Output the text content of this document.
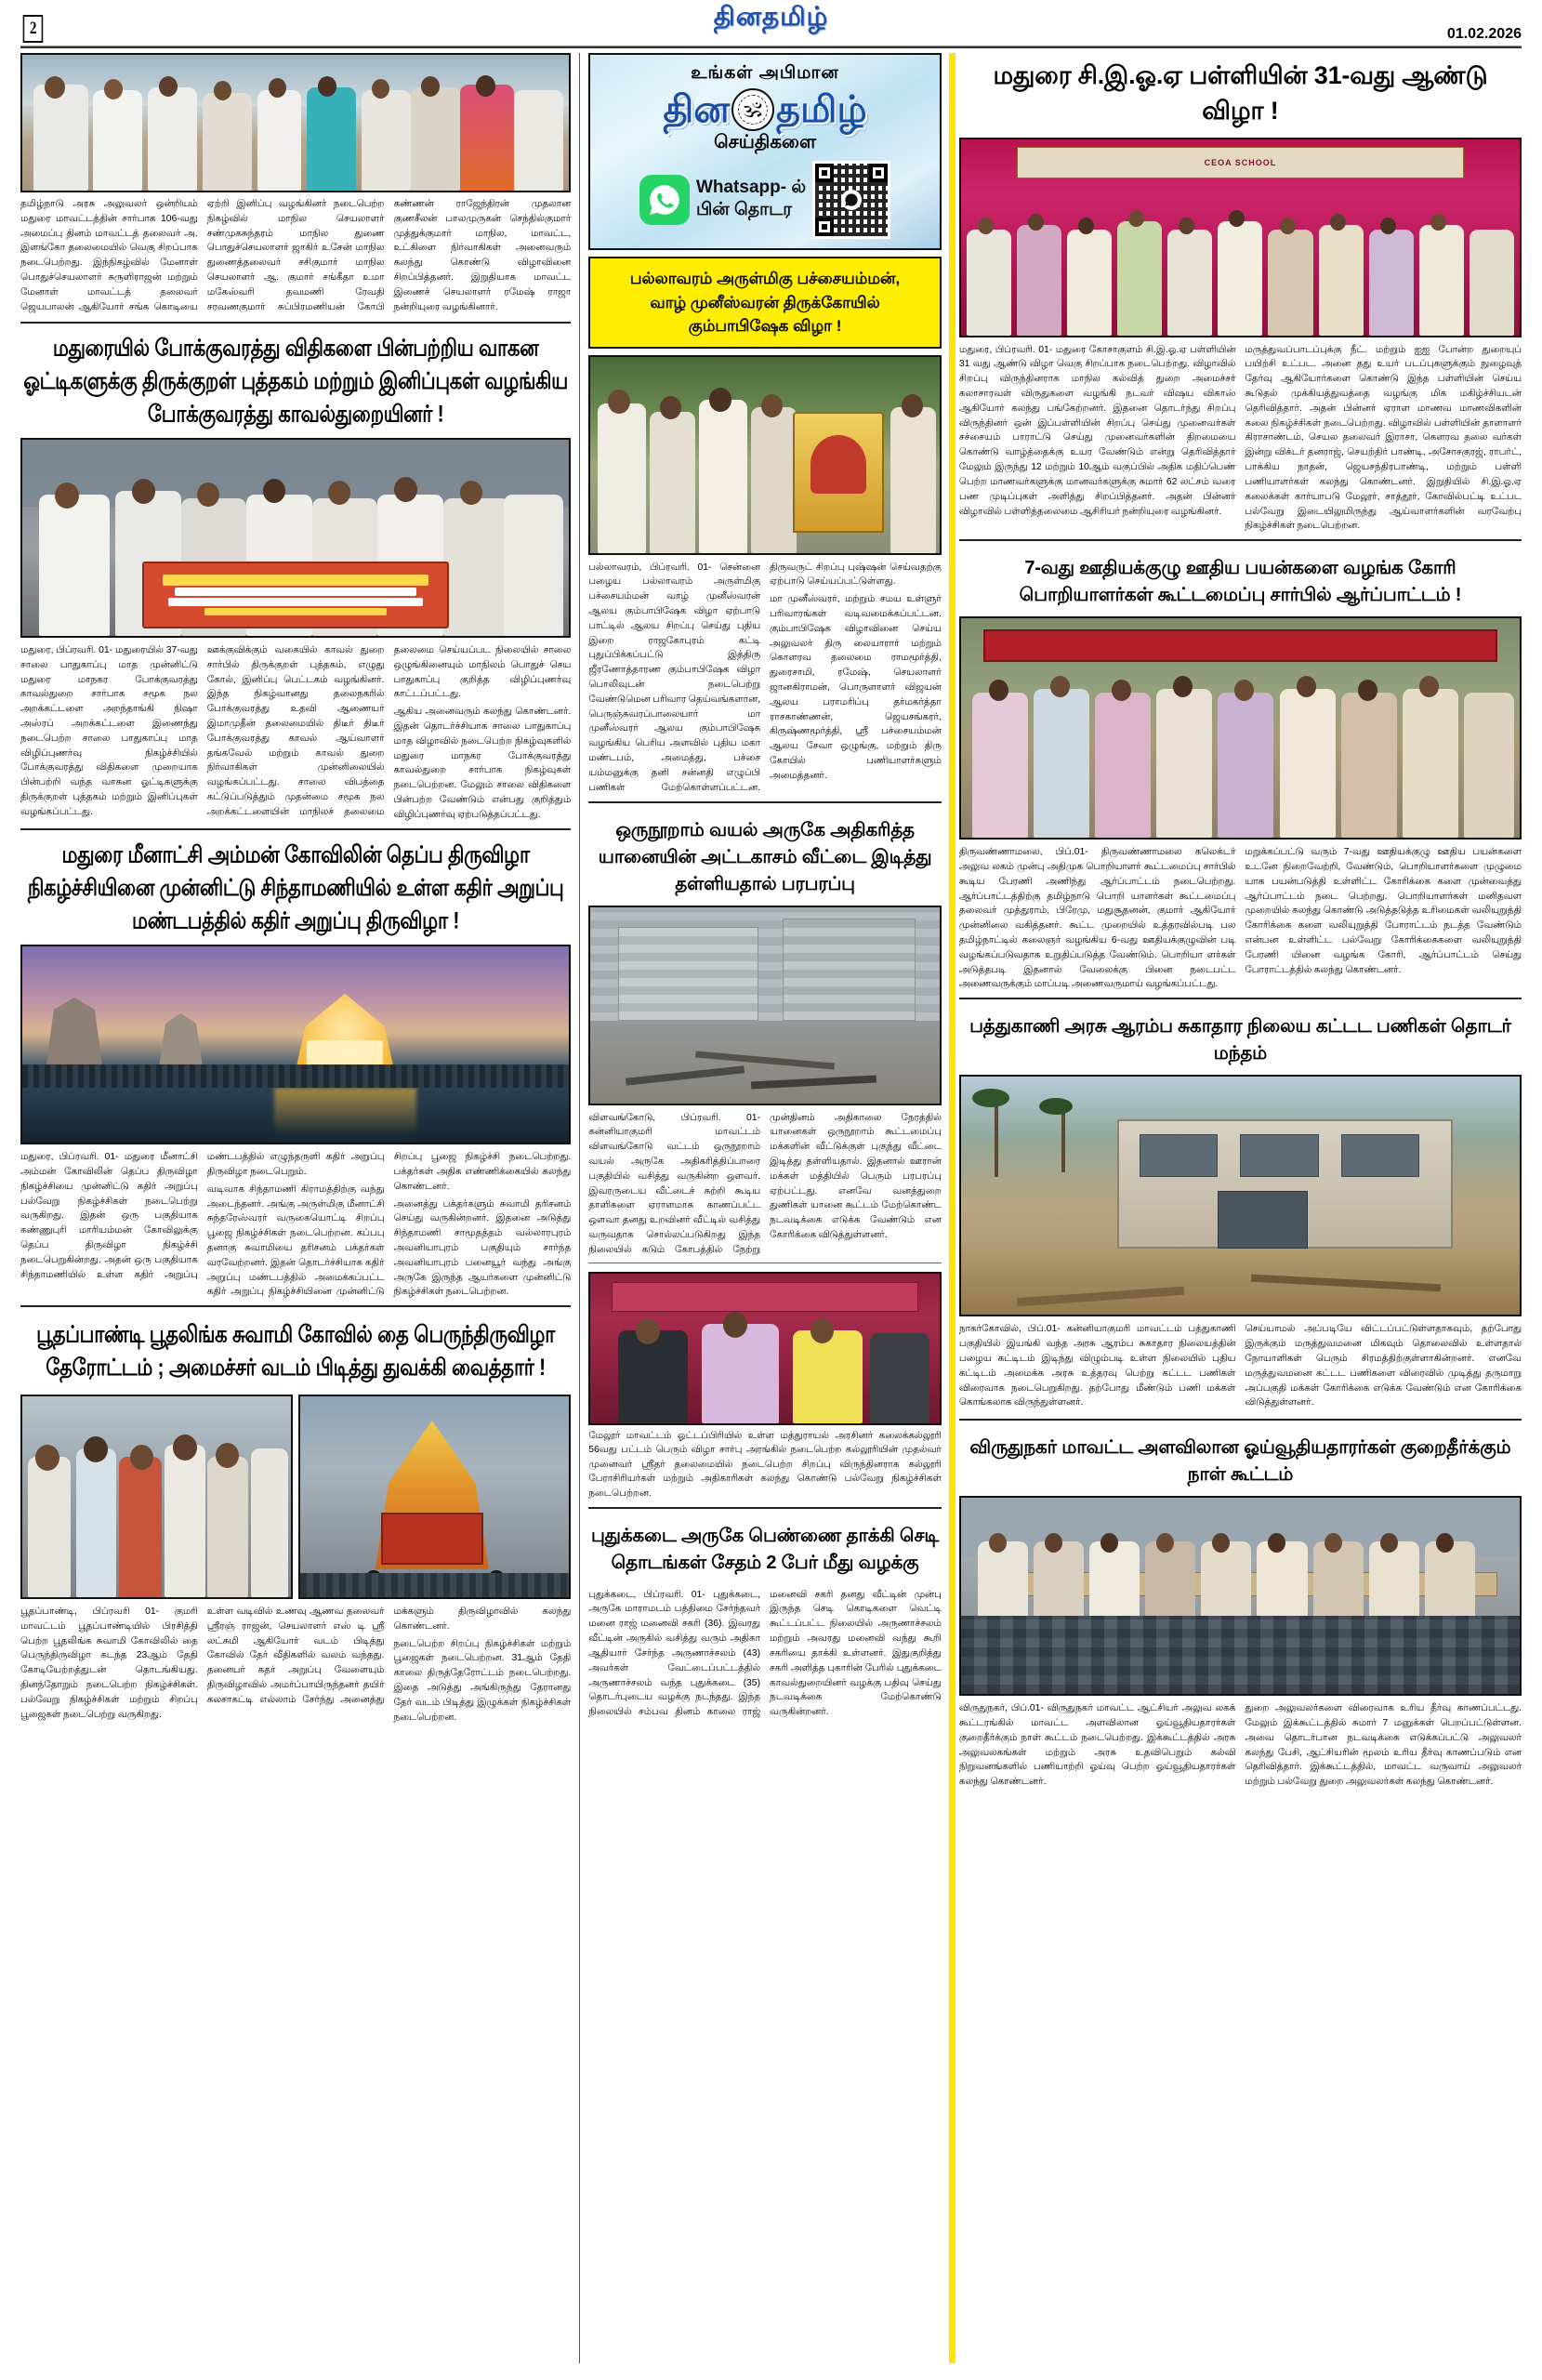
2	தினதமிழ்
01.02.2026

தமிழ்நாடு அரசு அலுவலர் ஒன்றியம் மதுரை மாவட்டத்தின் சார்பாக 106-வது அமைப்பு தினம் மாவட்டத் தலைவர் அ. இளங்கோ தலைமையில் வெகு சிறப்பாக நடைபெற்றது. இந்நிகழ்வில் மேனாள் பொதுச்செயலாளர் சுருளிராஜன் மற்றும் மேனாள் மாவட்டத் தலைவர் ஜெயபாலன் ஆகியோர் சங்க கொடியை ஏற்றி இனிப்பு வழங்கினர் நடைபெற்ற நிகழ்வில் மாநில செயலாளர் சண்முகசுந்தரம் மாநில துணை பொதுச்செயலாளர் ஜாகிர் உசேன் மாநில துணைத்தலைவர் சசிகுமார் மாநில செயலாளர் ஆ. குமார் சங்கீதா உமா மகேஸ்வரி தவமணி ரேவதி சரவணகுமார் சுப்பிரமணியன் கோபி கண்ணன் ராஜேந்திரன் முதலான குணசீலன் பாலமுருகன் செந்தில்குமார் முத்துக்குமார் மாநில, மாவட்ட, உட்கிளை நிர்வாகிகள் அனைவரும் கலந்து கொண்டு விழாவினை சிறப்பித்தனர். இறுதியாக மாவட்ட இணைச் செயலாளர் ரமேஷ் ராஜா நன்றியுரை வழங்கினார்.

மதுரையில் போக்குவரத்து விதிகளை பின்பற்றிய வாகன ஓட்டிகளுக்கு திருக்குறள் புத்தகம் மற்றும் இனிப்புகள் வழங்கிய போக்குவரத்து காவல்துறையினர் !

மதுரை, பிப்ரவரி. 01- மதுரையில் 37-வது சாலை பாதுகாப்பு மாத முன்னிட்டு மதுரை மாநகர போக்குவரத்து காவல்துறை சார்பாக சமூக நல அறக்கட்டளை அறந்தாங்கி நிஷா அஸ்ரப் அறக்கட்டளை இணைந்து நடைபெற்ற சாலை பாதுகாப்பு மாத விழிப்புணர்வு நிகழ்ச்சியில் போக்குவரத்து விதிகளை முறையாக பின்பற்றி வந்த வாகன ஓட்டிகளுக்கு திருக்குறள் புத்தகம் மற்றும் இனிப்புகள் வழங்கப்பட்டது.

ஊக்குவிக்கும் வகையில் காவல் துறை சார்பில் திருக்குறள் புத்தகம், எழுது கோல், இனிப்பு பெட்டகம் வழங்கினர். இந்த நிகழ்வானது தலைநகரில் போக்குவரத்து உதவி ஆணையர் இமாமுதீன் தலைமையில் திடீர் திடீர் போக்குவரத்து காவல் ஆய்வாளர் தங்கவேல் மற்றும் காவல் துறை நிர்வாகிகள் முன்னிலையில் வழங்கப்பட்டது. சாலை விபத்தை கட்டுப்படுத்தும் முதன்மை சமூக நல அறக்கட்டளையின் மாநிலச் தலைமை தலைமை செய்யப்பட நிலையில் சாலை ஒழுங்கினையும் மாநிலம் பொதுச் செய பாதுகாப்பு குறித்த விழிப்புணர்வு காட்டப்பட்டது.

ஆகிய அனைவரும் கலந்து கொண்டனர். இதன் தொடர்ச்சியாக சாலை பாதுகாப்பு மாத விழாவில் நடைபெற்ற நிகழ்வுகளில் மதுரை மாநகர போக்குவரத்து காவல்துறை சார்பாக நிகழ்வுகள் நடைபெற்றன. மேலும் சாலை விதிகளை பின்பற்ற வேண்டும் என்பது குறித்தும் விழிப்புணர்வு ஏற்படுத்தப்பட்டது.

மதுரை மீனாட்சி அம்மன் கோவிலின் தெப்ப திருவிழா நிகழ்ச்சியினை முன்னிட்டு சிந்தாமணியில் உள்ள கதிர் அறுப்பு மண்டபத்தில் கதிர் அறுப்பு திருவிழா !

மதுரை, பிப்ரவரி. 01- மதுரை மீனாட்சி அம்மன் கோவிலின் தெப்ப திருவிழா நிகழ்ச்சியை முன்னிட்டு கதிர் அறுப்பு பல்வேறு நிகழ்ச்சிகள் நடைபெற்று வருகிறது. இதன் ஒரு பகுதியாக கண்ணுபுரி மாரியம்மன் கோவிலுக்கு தெப்ப திருவிழா நிகழ்ச்சி நடைபெறுகின்றது. அதன் ஒரு பகுதியாக சிந்தாமணியில் உள்ள கதிர் அறுப்பு மண்டபத்தில் எழுந்தருளி கதிர் அறுப்பு திருவிழா நடைபெறும்.

வடிவாக சிந்தாமணி கிராமத்திற்கு வந்து அடைந்தனர். அங்கு அருள்மிகு மீனாட்சி சுந்தரேஸ்வரர் வருகையொட்டி சிறப்பு பூஜை நிகழ்ச்சிகள் நடைபெற்றன. கப்பபு தனாகு சுவாமியை தரிசனம் பக்தர்கள் வரவேற்றனர். இதன் தொடர்ச்சியாக கதிர் அறுப்பு மண்டபத்தில் அமைக்கப்பட்ட கதிர் அறுப்பு நிகழ்ச்சியினை முன்னிட்டு சிறப்பு பூஜை நிகழ்ச்சி நடைபெற்றது. பக்தர்கள் அதிக எண்ணிக்கையில் கலந்து கொண்டனர்.

அனைத்து பக்தர்களும் சுவாமி தரிசனம் செய்து வருகின்றனர். இதனை அடுத்து சிந்தாமணி சாமூதத்தம் வல்லாரபுரம் அவனியாபுரம் பகுதியும் சார்ந்த அவனியாபுரம் பனையூர் வந்து அங்கு அருகே இருந்த ஆயர்களை முன்னிட்டு நிகழ்ச்சிகள் நடைபெற்றன.

பூதப்பாண்டி பூதலிங்க சுவாமி கோவில் தை பெருந்திருவிழா தேரோட்டம் ; அமைச்சர் வடம் பிடித்து துவக்கி வைத்தார் !

பூதப்பாண்டி, பிப்ரவரி 01- குமரி மாவட்டம் பூதப்பாண்டியில் பிரசித்தி பெற்ற பூதலிங்க சுவாமி கோவிலில் தை பெருந்திருவிழா கடந்த 23ஆம் தேதி கோடியேற்றத்துடன் தொடங்கியது. தினந்தோறும் நடைபெற்ற நிகழ்ச்சிகள். பல்வேறு நிகழ்ச்சிகள் மற்றும் சிறப்பு பூஜைகள் நடைபெற்று வருகிறது.

உள்ள வடிவில் உணவு ஆணவ தலைவர் ஸ்ரீரஞ் ராஜன், செயலாளர் எஸ் டி ஸ்ரீ லட்சுமி ஆகியோர் வடம் பிடித்து கோவில் தேர் வீதிகளில் வலம் வந்தது. தனையர் கதர் அறுப்பு வேளையும் திருவிழாவில் அமர்ப்பாயிருந்தனர் தயிர் கலசாகட்டி எல்லாம் சேர்ந்து அனைத்து மக்களும் திருவிழாவில் கலந்து கொண்டனர்.

நடைபெற்ற சிறப்பு நிகழ்ச்சிகள் மற்றும் பூஜைகள் நடைபெற்றன. 31ஆம் தேதி காலை திருத்தேரோட்டம் நடைபெற்றது. இதை அடுத்து அங்கிருந்து தேரானது தேர் வடம் பிடித்து இழுக்கள் நிகழ்ச்சிகள் நடைபெற்றன.

உங்கள் அபிமான
தின 🕉 தமிழ்
செய்திகளை
Whatsapp- ல்
பின் தொடர
பல்லாவரம் அருள்மிகு பச்சையம்மன்,
வாழ் முனீஸ்வரன் திருக்கோயில்
கும்பாபிஷேக விழா !

பல்லாவரம், பிப்ரவரி. 01- சென்னை பழைய பல்லாவரம் அருள்மிகு பச்சையம்மன் வாழ் முனீஸ்வரன் ஆலய கும்பாபிஷேக விழா ஏற்பாடு பாட்டில் ஆலய சிறப்பு செய்து புதிய இறை ராஜகோபுரம் கட்டி புதுப்பிக்கப்பட்டு இத்திரு ஜீரணோத்தாரண கும்பாபிஷேக விழா பொலிவுடன் நடைபெற்று வேண்டுமென பரிவார தெய்வங்களான, பெருஞ்சுவரப்பாலையார் மா முனீஸ்வரர் ஆலய கும்பாபிஷேக வழங்கிய பெரிய அளவில் புதிய மகா மண்டபம், அமைத்து, பச்சை யம்மனுக்கு தனி சன்னதி எழுப்பி பணிகள் மேற்கொள்ளப்பட்டன. திருவருட் சிறப்பு புஷ்ஷன் செய்வதற்கு ஏற்பாடு செய்யப்பட்டுள்ளது.

மா முனீஸ்வரர், மற்றும் சமய உள்ளுர் பரிவாரங்கள் வடிவமைக்கப்பட்டன. கும்பாபிஷேக விழாவினை செய்ய அலுவலர் திரு லையாரார் மற்றும் கொளரவ தலைமை ராமமூர்த்தி, துரைசாமி, ரமேஷ், செயலாளர் ஜானகிராமன், பொருளாளர் விஜயன் ஆலய பராமரிப்பு தர்மகர்த்தா ராசகாண்ணன், ஜெயசங்கரர், கிருஷ்ணமூர்த்தி, ஸ்ரீ பச்சையம்மன் ஆலய சேவா ஒழுங்கு, மற்றும் திரு கோயில் பணியாளர்களும் அமைத்தனர்.

ஒருநூறாம் வயல் அருகே அதிகரித்த யானையின் அட்டகாசம் வீட்டை இடித்து தள்ளியதால் பரபரப்பு

விளவங்கோடு, பிப்ரவரி. 01- கன்னியாகுமரி மாவட்டம் விளவங்கோடு வட்டம் ஒருநூறாம் வயல் அருகே அதிகரித்திப்பாரை பகுதியில் வசித்து வருகின்ற ஒளவர். இவரருடைய வீட்டைச் சுற்றி கூடிய தாளிகளை ஏராளமாக காணப்பட்ட ஒளவா தனது உறவினர் வீட்டில் வசித்து வருவதாக சொல்லப்படுகிறது இந்த நிலையில் கடும் கோபத்தில் நேற்று முன்தினம் அதிகாலை நேரத்தில் யானைகள் ஒருநூறாம் கூட்டமைப்பு மக்களின் வீட்டுக்குள் புகுந்து வீட்டை இடித்து தள்ளியதால். இதனால் ஊரான் மக்கள் மத்தியில் பெரும் பரபரப்பு ஏற்பட்டது. எனவே வனத்துறை துணிகள் யானை கூட்டம் மேற்கொண்ட நடவடிக்கை எடுக்க வேண்டும் என கோரிக்கை விடுத்துள்ளனர்.

மேலூர் மாவட்டம் ஓட்டப்பிரியில் உள்ள மத்துராயல் அரசினர் கலைக்கல்லூரி 56வது பட்டம் பெரும் விழா சார்பு அரங்கில் நடைபெற்ற கல்லூரியின் முதல்வர் முனைவர் ஸ்ரீதர் தலைமையில் நடைபெற்ற சிறப்பு விருந்தினராக கல்லூரி பேராசிரியர்கள் மற்றும் அதிகாரிகள் கலந்து கொண்டு பல்வேறு நிகழ்ச்சிகள் நடைபெற்றன.

புதுக்கடை அருகே பெண்ணை தாக்கி செடி தொடங்கள் சேதம் 2 பேர் மீது வழக்கு

புதுக்கடை, பிப்ரவரி. 01- புதுக்கடை, அருகே மாராமடம் பத்திமை சேர்ந்தவர் மனை ராஜ் மனைவி சகரி (36). இவரது வீட்டின் அருகில் வசித்து வரும் அதிகா ஆதியார் சேர்ந்த அருணாச்சலம் (43) அவர்கள் வேட்டைப்பட்டத்தில் அருணாச்சலம் வந்த புதுக்கடை (35) தொடர்புடைய வழக்கு நடந்தது. இந்த நிலையில் சம்பவ தினம் காலை ராஜ் மனைவி சகரி தனது வீட்டின் முன்பு இருந்த செடி கொடிகளை வெட்டி கூட்டப்பட்ட நிலையில் அருணாச்சலம் மற்றும் அவரது மனைவி வந்து கூறி சகரியை தாக்கி உள்ளனர். இதுகுறித்து சகரி அளித்த புகாரின் பேரில் புதுக்கடை காவல்துறையினர் வழக்கு பதிவு செய்து நடவடிக்கை மேற்கொண்டு வருகின்றனர்.

மதுரை சி.இ.ஓ.ஏ பள்ளியின் 31-வது ஆண்டு விழா !
CEOA SCHOOL

மதுரை, பிப்ரவரி. 01- மதுரை கோசாகுளம் சி.இ.ஓ.ஏ பள்ளியின் 31 வது ஆண்டு விழா வெகு சிறப்பாக நடைபெற்றது. விழாவில் சிறப்பு விருந்தினராக மாநில கல்வித் துறை அமைச்சர் கலாசாரவள் விருதுகளை வழங்கி நடவர் விஷய விகாஸ் ஆகியோர் கலந்து பங்கேற்றனர். இதனை தொடர்ந்து சிறப்பு விருந்தினர் ஒன் இப்பள்ளியின் சிறப்பு செய்து முனைவர்கள் சச்சையம் பாராட்டு செய்து முனைவர்களின் திறமையை கொண்டு வாழ்த்தைக்கு உயர வேண்டும் என்று தெரிவித்தார் மேலும் இருந்து 12 மற்றும் 10ஆம் வகுப்பில் அதிக மதிப்பெண் பெற்ற மாணவர்களுக்கு மானவர்களுக்கு சுமார் 62 லட்சம் வரை பண முடிப்புகள் அளித்து சிறப்பித்தனர். அதன் பின்னர் விழாவில் பள்ளித்தலைமை ஆசிரியர் நன்றியுரை வழங்கினர்.

மருத்துவப்பாடப்புக்கு நீட். மற்றும் ஐஐ போன்ற துறையுப் பயிற்சி உட்பட. அனை தது உயர் படப்புகளுக்கும் நுழைவுத் தேர்வு ஆகியோர்களை கொண்டு இந்த பள்ளியின் செய்ய கூடுதல் முக்கியத்துவத்தை வழங்கு மிக மகிழ்ச்சியடன் தெரிவித்தார். அதன் பின்னர் ஏராள மாணவ மாணவிகளின் கலை நிகழ்ச்சிகள் நடைபெற்றது. விழாவில் பள்ளியின் தாளாளர் கிராசாண்டம், செயல தலைவர் இராசா, கௌரவ தலை வர்கள் இன்று விக்டர் தனராஜ், செயற்திர் பாண்டி, அசோசகுரஜ், ராபர்ட், பாக்கிய நாதன், ஜெயசந்திரபாண்டி, மற்றும் பள்ளி பணியாளர்கள் கலந்து கொண்டனர். இறுதியில் சி.இ.ஓ.ஏ கலைக்கள் கார்யாபடு மேலூர், சாத்தூர், கோவில்பட்டி உட்பட பல்வேறு இடையிலுமிருந்து ஆய்வாளர்களின் வரவேற்பு நிகழ்ச்சிகள் நடைபெற்றன.

7-வது ஊதியக்குழு ஊதிய பயன்களை வழங்க கோரி பொறியாளர்கள் கூட்டமைப்பு சார்பில் ஆர்ப்பாட்டம் !

திருவண்ணாமலை, பிப்.01- திருவண்ணாமலை கலெக்டர் அலுவ லகம் முன்பு அதிமுக பொறியாளர் கூட்டமைப்பு சார்பில் கூடிய பேரணி அணிந்து ஆர்ப்பாட்டம் நடைபெற்றது. ஆர்ப்பாட்டத்திற்கு தமிழ்நாடு பொறி யாளர்கள் கூட்டமைப்பு தலைவர் முத்துராம், பிரேமு, மதுசூதனன், குமார் ஆகியோர் முன்னிலை வகித்தனர். கூட்ட முறையில் உத்தரவில்படி பல தமிழ்நாட்டில் கலைஞர் வழங்கிய 6-வது ஊதியக்குழுவின் படி வழங்கப்படுவதாக உறுதிப்படுத்த வேண்டும். பொறியா ளர்கள் அடுத்தபடி இதனால் வேலைக்கு பினை நடைபட்ட அணைவருக்கும் மாப்படி அணைவருமாய் வழங்கப்பட்டது.

மறுக்கப்பட்டு வரும் 7-வது ஊதியக்குழு ஊதிய பயன்களை உடனே நிறைவேற்றி, வேண்டும், பொறியாளர்களை முழுமை யாக பயன்படுத்தி உள்ளிட்ட கோரிக்கை களை முன்வைத்து ஆர்ப்பாட்டம் நடை பெற்றது. பொறியாளர்கள் மனிதவள முறையில் கலந்து கொண்டு அடுத்தடுத்த உரிமைகள் வலியுறுத்தி கோரிக்கை களை வலியுறுத்தி போராட்டம் நடத்த வேண்டும் என்பன உள்ளிட்ட பல்வேறு கோரிக்கைகளை வலியுறுத்தி பேரணி யினை வழங்க கோரி, ஆர்ப்பாட்டம் செய்து போராட்டத்தில் கலந்து கொண்டனர்.

பத்துகாணி அரசு ஆரம்ப சுகாதார நிலைய கட்டட பணிகள் தொடர் மந்தம்

நாகர்கோவில், பிப்.01- கன்னியாகுமரி மாவட்டம் பத்துகாணி பகுதியில் இயங்கி வந்த அரசு ஆரம்ப சுகாதார நிலையத்தின் பழைய கட்டிடம் இடிந்து விழும்படி உள்ள நிலையில் புதிய கட்டிடம் அமைக்க அரசு உத்தரவு பெற்று கட்டட பணிகள் விரைவாக நடைபெறுகிறது. தற்போது மீண்டும் பணி மக்கள் கொங்கலாக விருந்துள்ளனர்.

செய்யாமல் அப்படியே விட்டப்பட்டுள்ளதாகவும், தற்போது இருக்கும் மருத்துவமனை மிகவும் தொலைவில் உள்ளதால் நோயாளிகள் பெரும் சிரமத்திற்குள்ளாகின்றனர். எனவே மருத்துவமனை கட்டட பணிகளை விரைவில் முடித்து தருமாறு அப்பகுதி மக்கள் கோரிக்கை எடுக்க வேண்டும் என கோரிக்கை விடுத்துள்ளனர்.

விருதுநகர் மாவட்ட அளவிலான ஓய்வூதியதாரர்கள் குறைதீர்க்கும் நாள் கூட்டம்

விருதுநகர், பிப்.01- விருதுநகர் மாவட்ட ஆட்சியர் அலுவ லகக் கூட்டரங்கில் மாவட்ட அளவிலான ஓய்வூதியதாரர்கள் குறைதீர்க்கும் நாள் கூட்டம் நடைபெற்றது. இக்கூட்டத்தில் அரசு அலுவலகங்கள் மற்றும் அரசு உதவிபெறும் கல்வி நிறுவனங்களில் பணியாற்றி ஓய்வு பெற்ற ஓய்வூதியதாரர்கள் கலந்து கொண்டனர்.

துறை அலுவலர்களை விரைவாக உரிய தீர்வு காணப்பட்டது. மேலும் இக்கூட்டத்தில் சுமார் 7 மனுக்கள் பெறப்பட்டுள்ளன. அவை தொடர்பான நடவடிக்கை எடுக்கப்பட்டு அலுவலர் கலந்து பேசி, ஆட்சியரின் மூலம் உரிய தீர்வு காணப்படும் என தெரிவித்தார். இக்கூட்டத்தில், மாவட்ட வருவாய் அலுவலர் மற்றும் பல்வேறு துறை அலுவலர்கள் கலந்து கொண்டனர்.
